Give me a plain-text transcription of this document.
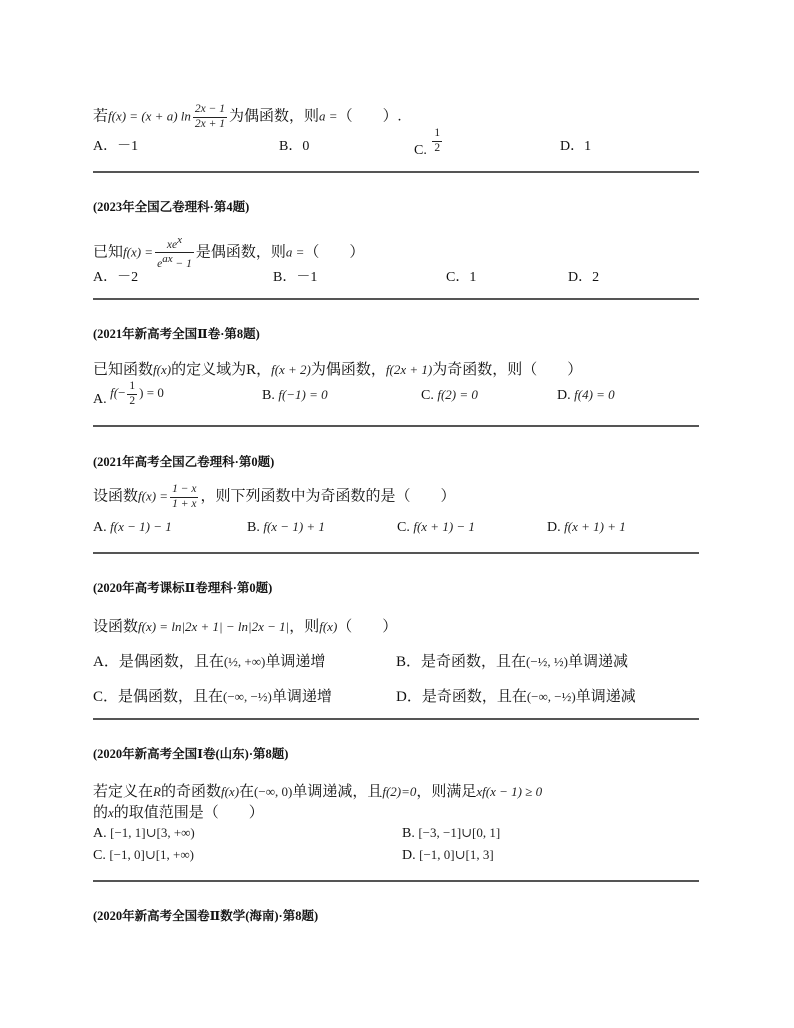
若f(x) = (x + a) $\ln \frac{2x - 1}{2x + 1}$ 为偶函数，则a =（　　）.
A．－1	B．0	C. $\frac{1}{2}$	D．1
(2023年全国乙卷理科·第4题)
已知$f(x) = \frac{xe^x}{e^{ax} - 1}$ 是偶函数，则a =（　　）
A．－2	B．－1	C．1	D．2
(2021年新高考全国Ⅱ卷·第8题)
已知函数f(x)的定义域为R，f(x + 2)为偶函数，f(2x + 1)为奇函数，则（　　）
A. $f(- \frac{1}{2}$ ) = 0	B. f(−1) = 0	C. f(2) = 0	D. f(4) = 0
(2021年高考全国乙卷理科·第0题)
设函数$f(x) = \frac{1 - x}{1 + x}$ ，则下列函数中为奇函数的是（　　）
A. f(x − 1) − 1	B. f(x − 1) + 1	C. f(x + 1) − 1	D. f(x + 1) + 1
(2020年高考课标Ⅱ卷理科·第0题)
设函数f(x) = ln|2x + 1| − ln|2x − 1|，则f(x)（　　）
A．是偶函数，且在(½, +∞)单调递增	B．是奇函数，且在(−½, ½)单调递减
C．是偶函数，且在(−∞, −½)单调递增	D．是奇函数，且在(−∞, −½)单调递减
(2020年新高考全国Ⅰ卷(山东)·第8题)
若定义在R的奇函数f(x)在(−∞, 0)单调递减，且f(2)=0，则满足xf(x − 1) ≥ 0
的x的取值范围是（　　）
A. [−1, 1]∪[3, +∞)	B. [−3, −1]∪[0, 1]
C. [−1, 0]∪[1, +∞)	D. [−1, 0]∪[1, 3]
(2020年新高考全国卷Ⅱ数学(海南)·第8题)
